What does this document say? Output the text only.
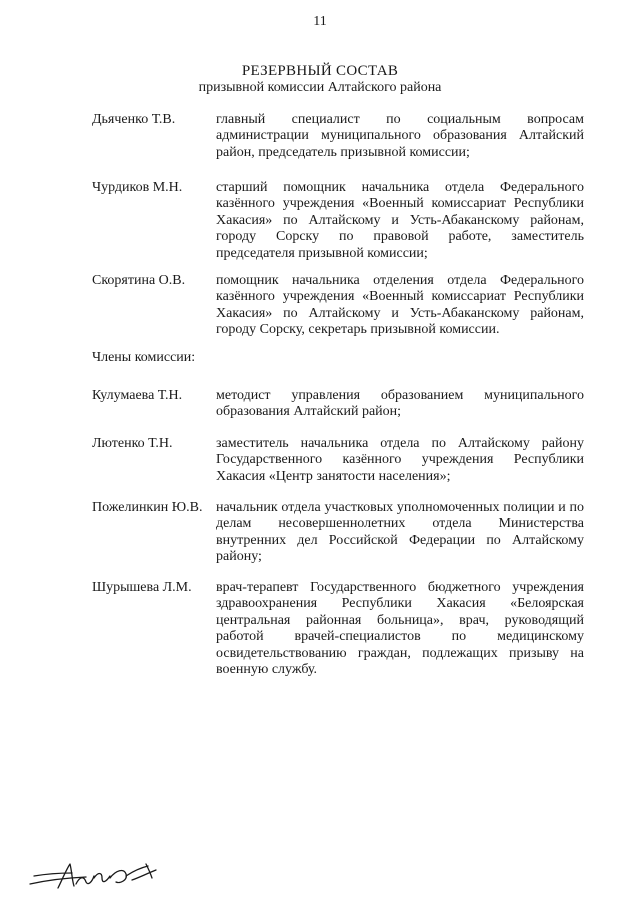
11
РЕЗЕРВНЫЙ СОСТАВ
призывной комиссии Алтайского района
Дьяченко Т.В.	главный специалист по социальным вопросам администрации муниципального образования Алтайский район, председатель призывной комиссии;
Чурдиков М.Н. старший помощник начальника отдела Федерального казённого учреждения «Военный комиссариат Республики Хакасия» по Алтайскому и Усть-Абаканскому районам, городу Сорску по правовой работе, заместитель председателя призывной комиссии;
Скорятина О.В. помощник начальника отделения отдела Федерального казённого учреждения «Военный комиссариат Республики Хакасия» по Алтайскому и Усть-Абаканскому районам, городу Сорску, секретарь призывной комиссии.
Члены комиссии:
Кулумаева Т.Н. методист управления образованием муниципального образования Алтайский район;
Лютенко Т.Н.	заместитель начальника отдела по Алтайскому району Государственного казённого учреждения Республики Хакасия «Центр занятости населения»;
Пожелинкин Ю.В. начальник отдела участковых уполномоченных полиции и по делам несовершеннолетних отдела Министерства внутренних дел Российской Федерации по Алтайскому району;
Шурышева Л.М. врач-терапевт Государственного бюджетного учреждения здравоохранения Республики Хакасия «Белоярская центральная районная больница», врач, руководящий работой врачей-специалистов по медицинскому освидетельствованию граждан, подлежащих призыву на военную службу.
